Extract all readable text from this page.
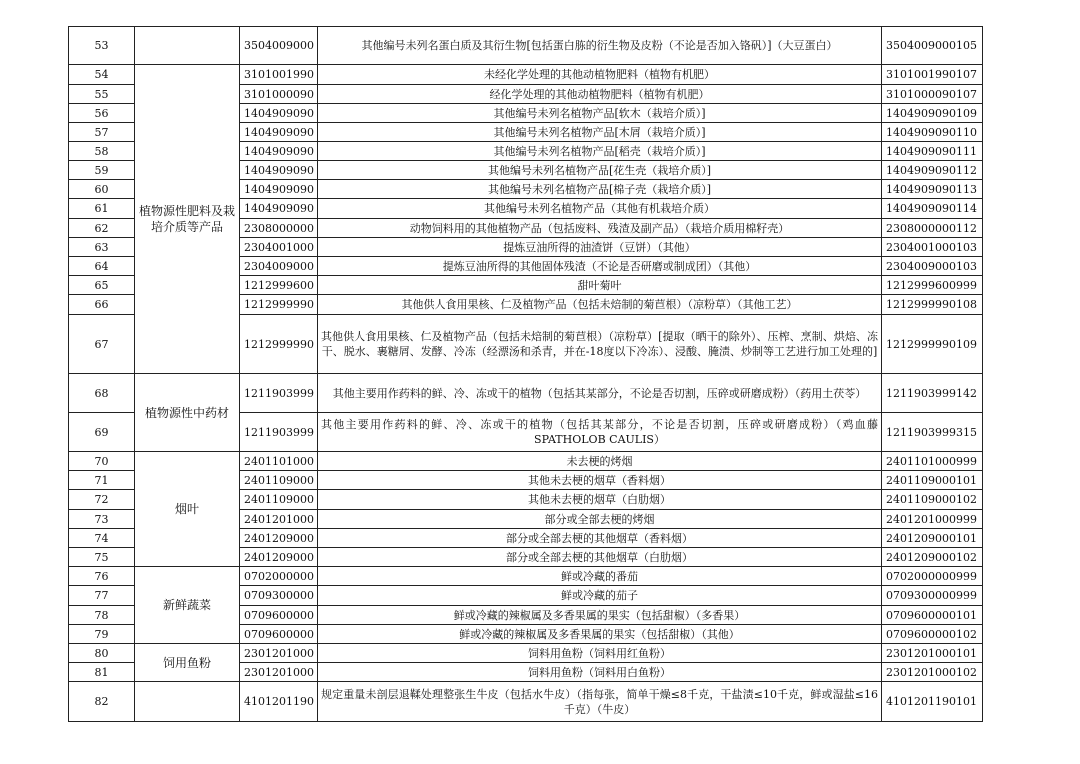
53		3504009000	其他编号未列名蛋白质及其衍生物[包括蛋白胨的衍生物及皮粉（不论是否加入铬矾）]（大豆蛋白）	3504009000105
54	植物源性肥料及栽培介质等产品	3101001990	未经化学处理的其他动植物肥料（植物有机肥）	3101001990107
55		3101000090	经化学处理的其他动植物肥料（植物有机肥）	3101000090107
56		1404909090	其他编号未列名植物产品[软木（栽培介质）]	1404909090109
57		1404909090	其他编号未列名植物产品[木屑（栽培介质）]	1404909090110
58		1404909090	其他编号未列名植物产品[稻壳（栽培介质）]	1404909090111
59		1404909090	其他编号未列名植物产品[花生壳（栽培介质）]	1404909090112
60		1404909090	其他编号未列名植物产品[棉子壳（栽培介质）]	1404909090113
61		1404909090	其他编号未列名植物产品（其他有机栽培介质）	1404909090114
62		2308000000	动物饲料用的其他植物产品（包括废料、残渣及副产品）（栽培介质用棉籽壳）	2308000000112
63		2304001000	提炼豆油所得的油渣饼（豆饼）（其他）	2304001000103
64		2304009000	提炼豆油所得的其他固体残渣（不论是否研磨或制成团）（其他）	2304009000103
65		1212999600	甜叶菊叶	1212999600999
66		1212999990	其他供人食用果核、仁及植物产品（包括未焙制的菊苣根）（凉粉草）（其他工艺）	1212999990108
67		1212999990	其他供人食用果核、仁及植物产品（包括未焙制的菊苣根）（凉粉草）[提取（晒干的除外）、压榨、烹制、烘焙、冻干、脱水、裹糖屑、发酵、冷冻（经漂汤和杀青，并在-18度以下冷冻）、浸酸、腌渍、炒制等工艺进行加工处理的]	1212999990109
68	植物源性中药材	1211903999	其他主要用作药料的鲜、冷、冻或干的植物（包括其某部分，不论是否切割，压碎或研磨成粉）（药用土茯苓）	1211903999142
69		1211903999	其他主要用作药料的鲜、冷、冻或干的植物（包括其某部分，不论是否切割，压碎或研磨成粉）（鸡血藤SPATHOLOB CAULIS）	1211903999315
70	烟叶	2401101000	未去梗的烤烟	2401101000999
71		2401109000	其他未去梗的烟草（香料烟）	2401109000101
72		2401109000	其他未去梗的烟草（白肋烟）	2401109000102
73		2401201000	部分或全部去梗的烤烟	2401201000999
74		2401209000	部分或全部去梗的其他烟草（香料烟）	2401209000101
75		2401209000	部分或全部去梗的其他烟草（白肋烟）	2401209000102
76	新鲜蔬菜	0702000000	鲜或冷藏的番茄	0702000000999
77		0709300000	鲜或冷藏的茄子	0709300000999
78		0709600000	鲜或冷藏的辣椒属及多香果属的果实（包括甜椒）（多香果）	0709600000101
79		0709600000	鲜或冷藏的辣椒属及多香果属的果实（包括甜椒）（其他）	0709600000102
80	饲用鱼粉	2301201000	饲料用鱼粉（饲料用红鱼粉）	2301201000101
81		2301201000	饲料用鱼粉（饲料用白鱼粉）	2301201000102
82		4101201190	规定重量未剖层退鞣处理整张生牛皮（包括水牛皮）（指每张，简单干燥≤8千克，干盐渍≤10千克，鲜或湿盐≤16千克）（牛皮）	4101201190101
